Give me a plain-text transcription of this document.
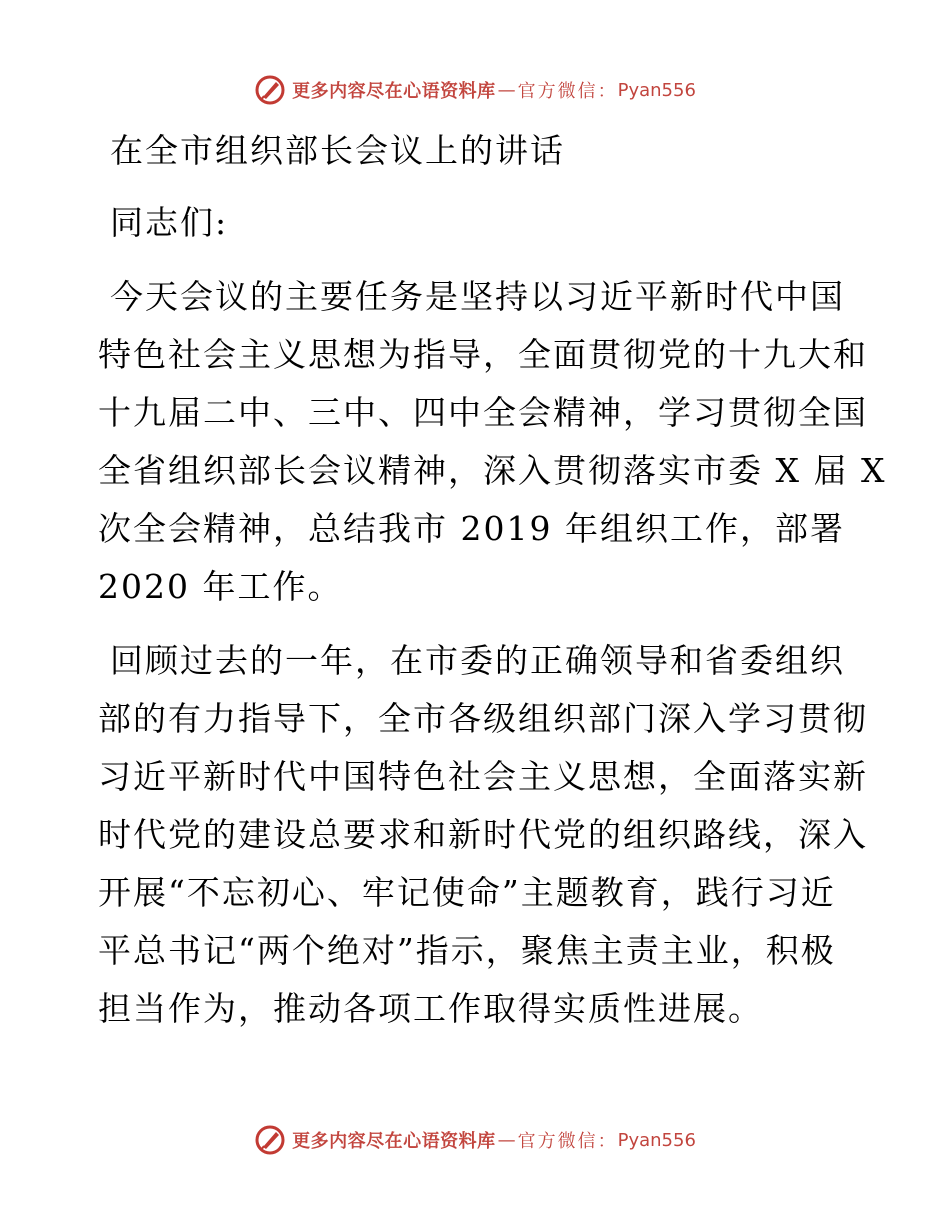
更多内容尽在心语资料库 — 官方微信： Pyan556
在全市组织部长会议上的讲话
同志们:
今天会议的主要任务是坚持以习近平新时代中国
特色社会主义思想为指导，全面贯彻党的十九大和
十九届二中、三中、四中全会精神，学习贯彻全国
全省组织部长会议精神，深入贯彻落实市委 X 届 X
次全会精神，总结我市 2019 年组织工作，部署
2020 年工作。
回顾过去的一年，在市委的正确领导和省委组织
部的有力指导下，全市各级组织部门深入学习贯彻
习近平新时代中国特色社会主义思想，全面落实新
时代党的建设总要求和新时代党的组织路线，深入
开展“不忘初心、牢记使命”主题教育，践行习近
平总书记“两个绝对”指示，聚焦主责主业，积极
担当作为，推动各项工作取得实质性进展。
更多内容尽在心语资料库 — 官方微信： Pyan556
